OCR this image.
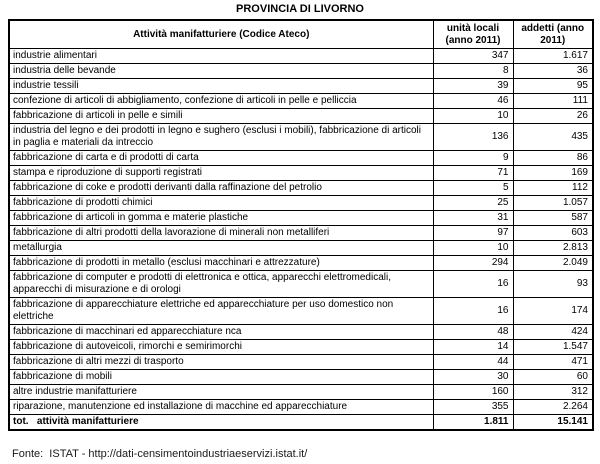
PROVINCIA DI LIVORNO
Attività manifatturiere (Codice Ateco)	unità locali (anno 2011)	addetti (anno 2011)
industrie alimentari	347	1.617
industria delle bevande	8	36
industrie tessili	39	95
confezione di articoli di abbigliamento, confezione di articoli in pelle e pelliccia	46	111
fabbricazione di articoli in pelle e simili	10	26
industria del legno e dei prodotti in legno e sughero (esclusi i mobili), fabbricazione di articoli in paglia e materiali da intreccio	136	435
fabbricazione di carta e di prodotti di carta	9	86
stampa e riproduzione di supporti registrati	71	169
fabbricazione di coke e prodotti derivanti dalla raffinazione del petrolio	5	112
fabbricazione di prodotti chimici	25	1.057
fabbricazione di articoli in gomma e materie plastiche	31	587
fabbricazione di altri prodotti della lavorazione di minerali non metalliferi	97	603
metallurgia	10	2.813
fabbricazione di prodotti in metallo (esclusi macchinari e attrezzature)	294	2.049
fabbricazione di computer e prodotti di elettronica e ottica, apparecchi elettromedicali, apparecchi di misurazione e di orologi	16	93
fabbricazione di apparecchiature elettriche ed apparecchiature per uso domestico non elettriche	16	174
fabbricazione di macchinari ed apparecchiature nca	48	424
fabbricazione di autoveicoli, rimorchi e semirimorchi	14	1.547
fabbricazione di altri mezzi di trasporto	44	471
fabbricazione di mobili	30	60
altre industrie manifatturiere	160	312
riparazione, manutenzione ed installazione di macchine ed apparecchiature	355	2.264
tot.   attività manifatturiere	1.811	15.141
Fonte:  ISTAT - http://dati-censimentoindustriaeservizi.istat.it/
